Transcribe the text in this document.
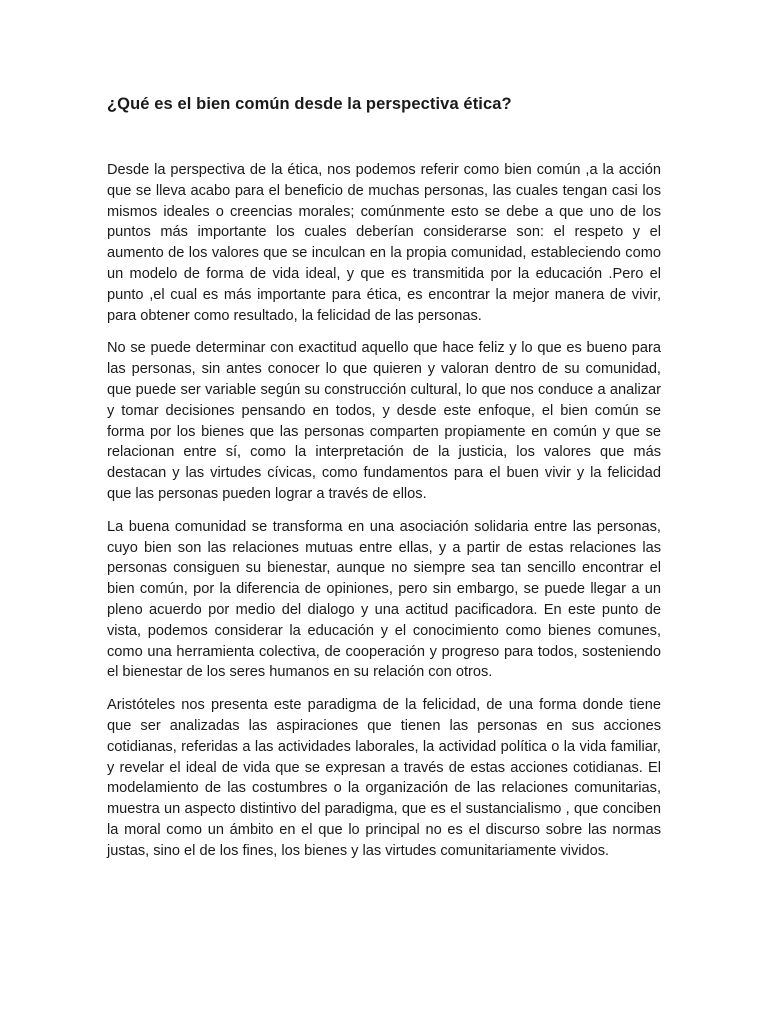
¿Qué es el bien común desde la perspectiva ética?

Desde la perspectiva de la ética, nos podemos referir como bien común ,a la acción que se lleva acabo para el beneficio de muchas personas, las cuales tengan casi los mismos ideales o creencias morales; comúnmente esto se debe a que uno de los puntos más importante los cuales deberían considerarse son: el respeto y el aumento de los valores que se inculcan en la propia comunidad, estableciendo como un modelo de forma de vida ideal, y que es transmitida por la educación .Pero el punto ,el cual es más importante para ética, es encontrar la mejor manera de vivir, para obtener como resultado, la felicidad de las personas.

No se puede determinar con exactitud aquello que hace feliz y lo que es bueno para las personas, sin antes conocer lo que quieren y valoran dentro de su comunidad, que puede ser variable según su construcción cultural, lo que nos conduce a analizar y tomar decisiones pensando en todos, y desde este enfoque, el bien común se forma por los bienes que las personas comparten propiamente en común y que se relacionan entre sí, como la interpretación de la justicia, los valores que más destacan y las virtudes cívicas, como fundamentos para el buen vivir y la felicidad que las personas pueden lograr a través de ellos.

La buena comunidad se transforma en una asociación solidaria entre las personas, cuyo bien son las relaciones mutuas entre ellas, y a partir de estas relaciones las personas consiguen su bienestar, aunque no siempre sea tan sencillo encontrar el bien común, por la diferencia de opiniones, pero sin embargo, se puede llegar a un pleno acuerdo por medio del dialogo y una actitud pacificadora. En este punto de vista, podemos considerar la educación y el conocimiento como bienes comunes, como una herramienta colectiva, de cooperación y progreso para todos, sosteniendo el bienestar de los seres humanos en su relación con otros.

Aristóteles nos presenta este paradigma de la felicidad, de una forma donde tiene que ser analizadas las aspiraciones que tienen las personas en sus acciones cotidianas, referidas a las actividades laborales, la actividad política o la vida familiar, y revelar el ideal de vida que se expresan a través de estas acciones cotidianas. El modelamiento de las costumbres o la organización de las relaciones comunitarias, muestra un aspecto distintivo del paradigma, que es el sustancialismo , que conciben la moral como un ámbito en el que lo principal no es el discurso sobre las normas justas, sino el de los fines, los bienes y las virtudes comunitariamente vividos.
